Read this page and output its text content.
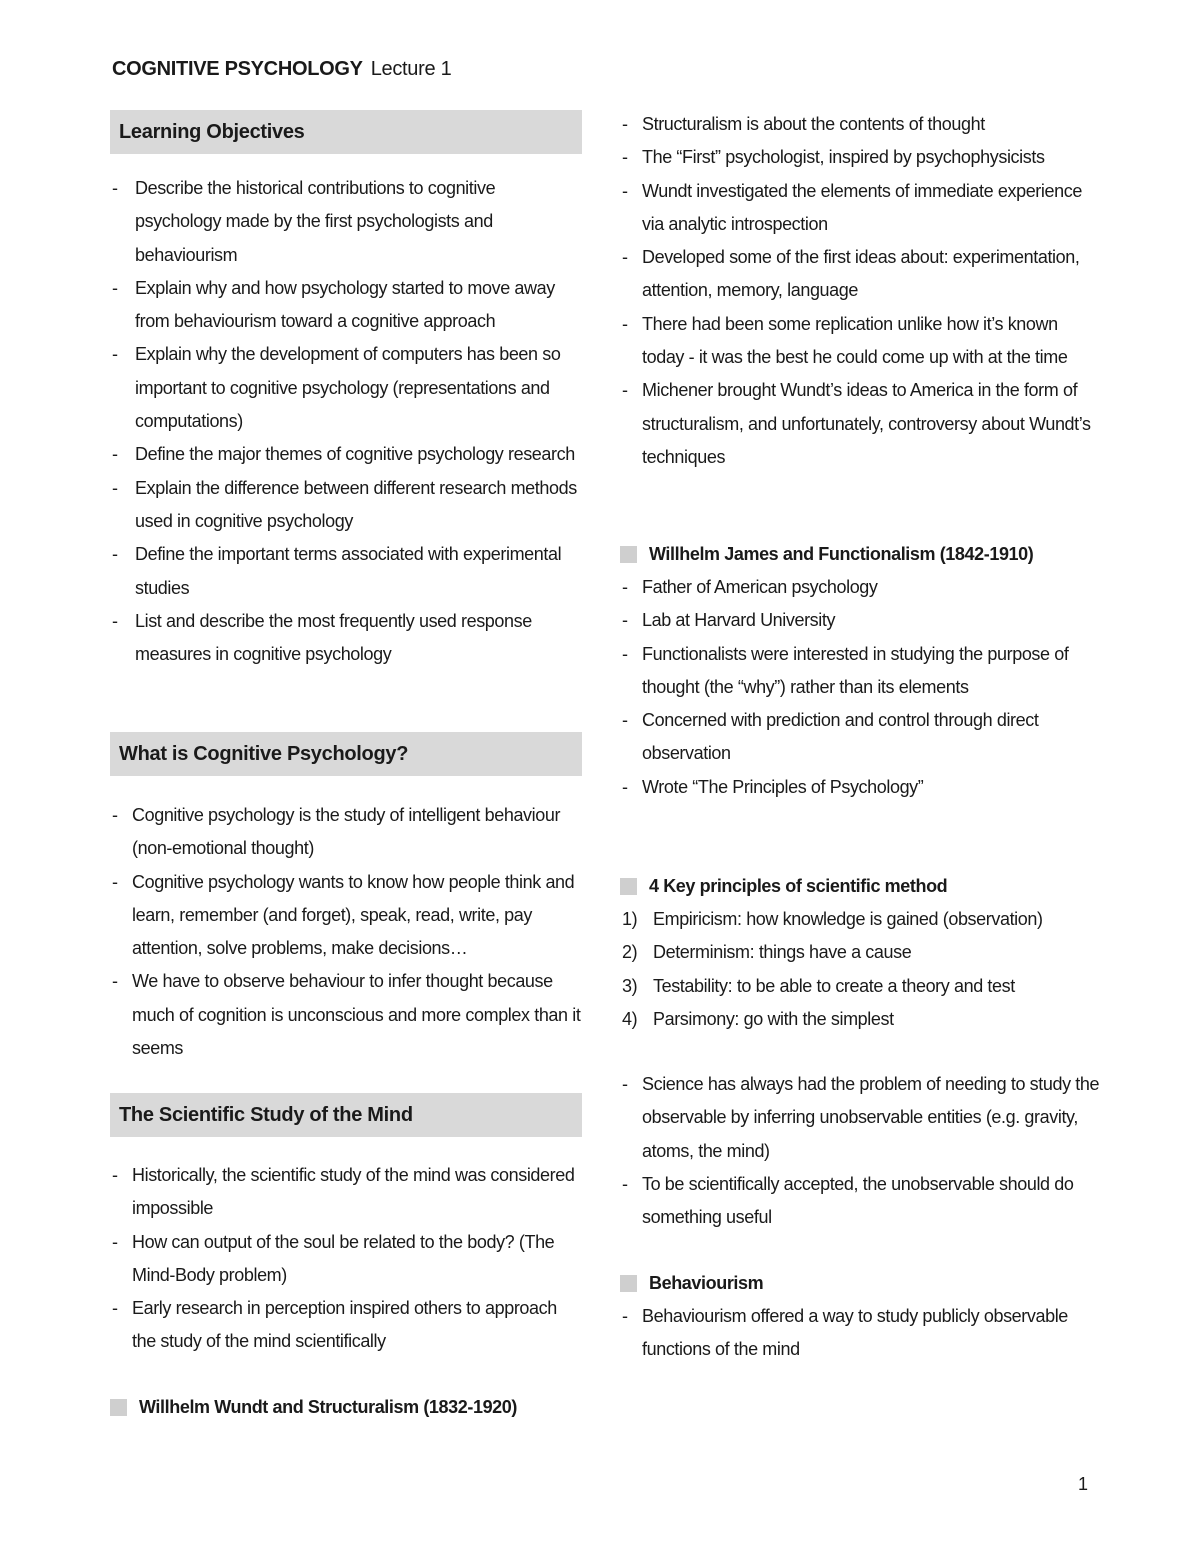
COGNITIVE PSYCHOLOGY Lecture 1
Learning Objectives
- Describe the historical contributions to cognitive psychology made by the first psychologists and behaviourism
- Explain why and how psychology started to move away from behaviourism toward a cognitive approach
- Explain why the development of computers has been so important to cognitive psychology (representations and computations)
- Define the major themes of cognitive psychology research
- Explain the difference between different research methods used in cognitive psychology
- Define the important terms associated with experimental studies
- List and describe the most frequently used response measures in cognitive psychology
What is Cognitive Psychology?
- Cognitive psychology is the study of intelligent behaviour (non-emotional thought)
- Cognitive psychology wants to know how people think and learn, remember (and forget), speak, read, write, pay attention, solve problems, make decisions…
- We have to observe behaviour to infer thought because much of cognition is unconscious and more complex than it seems
The Scientific Study of the Mind
- Historically, the scientific study of the mind was considered impossible
- How can output of the soul be related to the body? (The Mind-Body problem)
- Early research in perception inspired others to approach the study of the mind scientifically
Willhelm Wundt and Structuralism (1832-1920)
- Structuralism is about the contents of thought
- The “First” psychologist, inspired by psychophysicists
- Wundt investigated the elements of immediate experience via analytic introspection
- Developed some of the first ideas about: experimentation, attention, memory, language
- There had been some replication unlike how it’s known today - it was the best he could come up with at the time
- Michener brought Wundt’s ideas to America in the form of structuralism, and unfortunately, controversy about Wundt’s techniques
Willhelm James and Functionalism (1842-1910)
- Father of American psychology
- Lab at Harvard University
- Functionalists were interested in studying the purpose of thought (the “why”) rather than its elements
- Concerned with prediction and control through direct observation
- Wrote “The Principles of Psychology”
4 Key principles of scientific method
1) Empiricism: how knowledge is gained (observation)
2) Determinism: things have a cause
3) Testability: to be able to create a theory and test
4) Parsimony: go with the simplest
- Science has always had the problem of needing to study the observable by inferring unobservable entities (e.g. gravity, atoms, the mind)
- To be scientifically accepted, the unobservable should do something useful
Behaviourism
- Behaviourism offered a way to study publicly observable functions of the mind
1
